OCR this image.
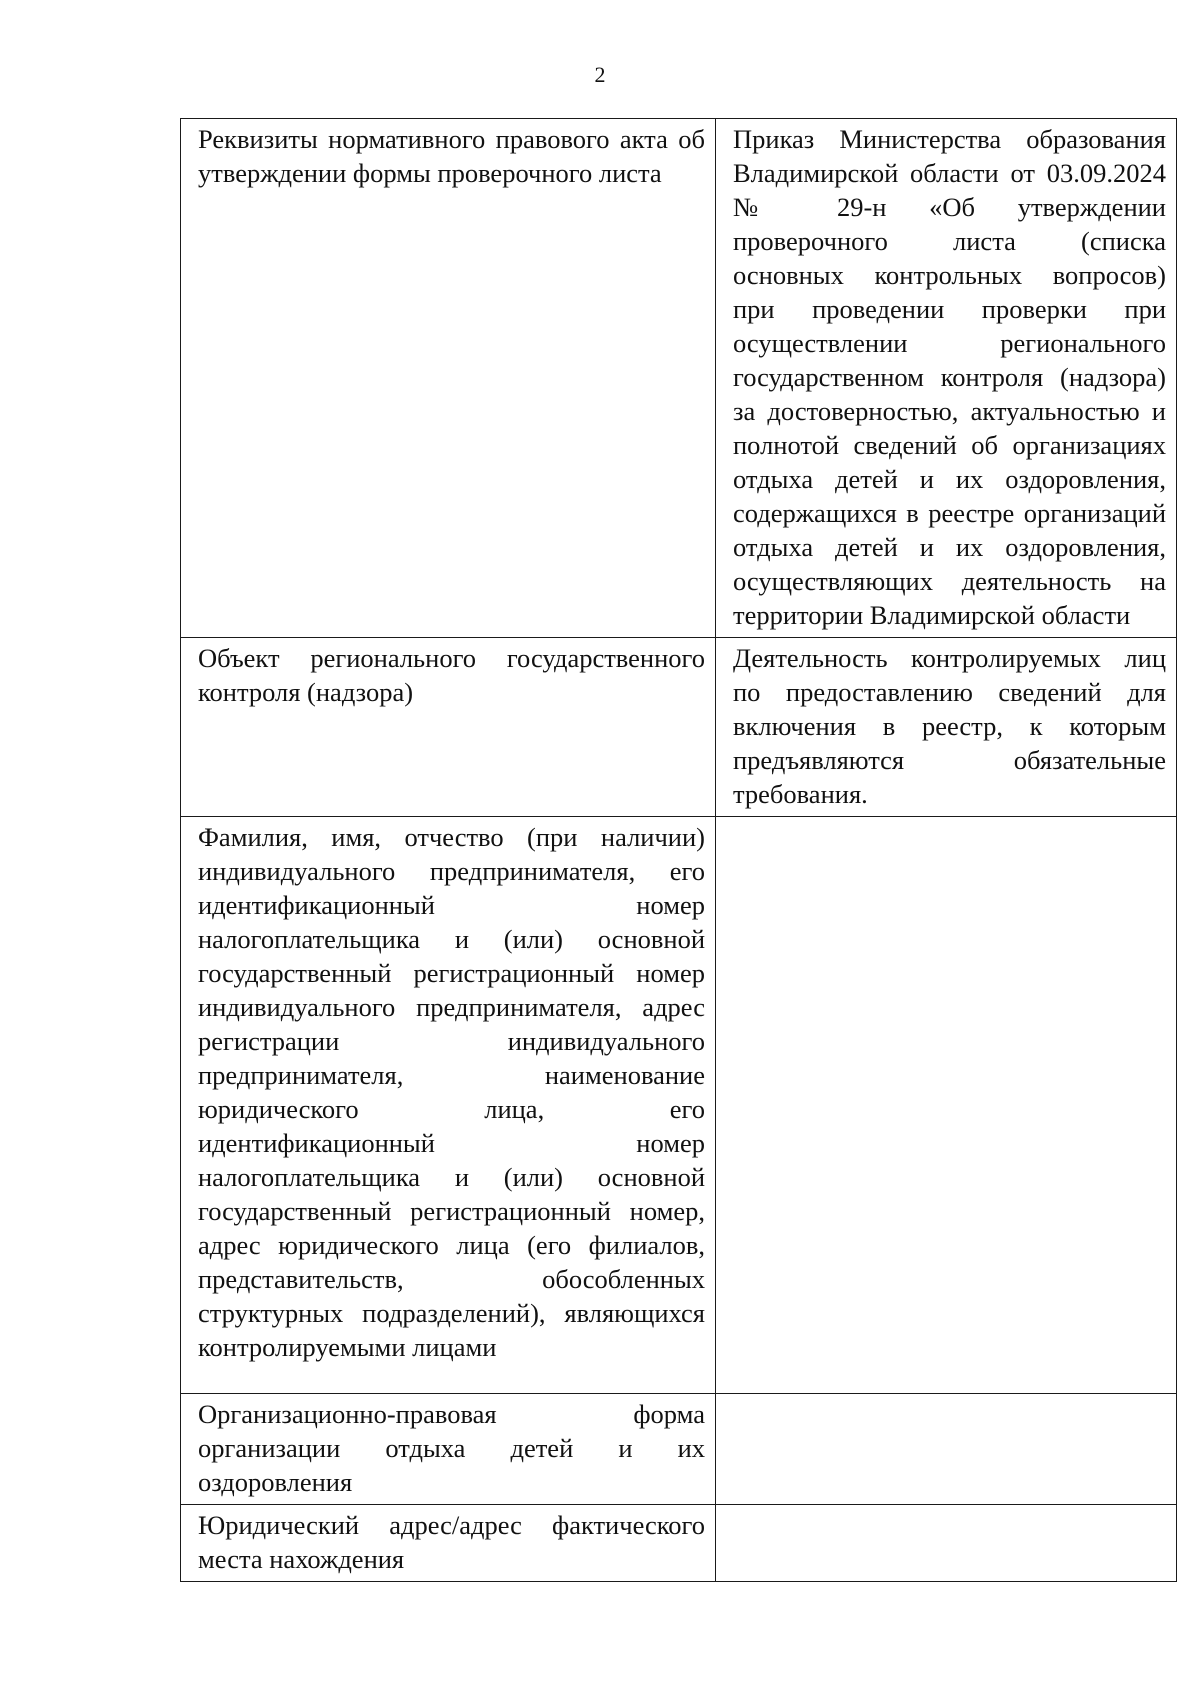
2
Реквизиты нормативного правового акта об утверждении формы проверочного листа	Приказ Министерства образования Владимирской области от 03.09.2024 № 29-н «Об утверждении проверочного листа (списка основных контрольных вопросов) при проведении проверки при осуществлении регионального государственном контроля (надзора) за достоверностью, актуальностью и полнотой сведений об организациях отдыха детей и их оздоровления, содержащихся в реестре организаций отдыха детей и их оздоровления, осуществляющих деятельность на территории Владимирской области
Объект регионального государственного контроля (надзора)	Деятельность контролируемых лиц по предоставлению сведений для включения в реестр, к которым предъявляются обязательные требования.
Фамилия, имя, отчество (при наличии) индивидуального предпринимателя, его идентификационный номер налогоплательщика и (или) основной государственный регистрационный номер индивидуального предпринимателя, адрес регистрации индивидуального предпринимателя, наименование юридического лица, его идентификационный номер налогоплательщика и (или) основной государственный регистрационный номер, адрес юридического лица (его филиалов, представительств, обособленных структурных подразделений), являющихся контролируемыми лицами	
Организационно-правовая форма организации отдыха детей и их оздоровления	
Юридический адрес/адрес фактического места нахождения	
